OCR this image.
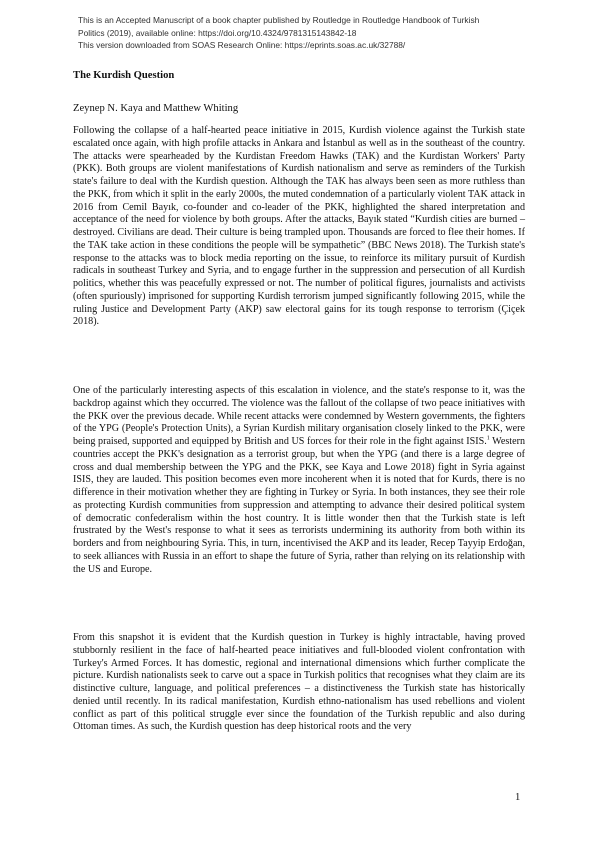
This is an Accepted Manuscript of a book chapter published by Routledge in Routledge Handbook of Turkish
Politics (2019), available online: https://doi.org/10.4324/9781315143842-18
This version downloaded from SOAS Research Online: https://eprints.soas.ac.uk/32788/
The Kurdish Question
Zeynep N. Kaya and Matthew Whiting
Following the collapse of a half-hearted peace initiative in 2015, Kurdish violence against the Turkish state escalated once again, with high profile attacks in Ankara and İstanbul as well as in the southeast of the country. The attacks were spearheaded by the Kurdistan Freedom Hawks (TAK) and the Kurdistan Workers' Party (PKK). Both groups are violent manifestations of Kurdish nationalism and serve as reminders of the Turkish state's failure to deal with the Kurdish question. Although the TAK has always been seen as more ruthless than the PKK, from which it split in the early 2000s, the muted condemnation of a particularly violent TAK attack in 2016 from Cemil Bayık, co-founder and co-leader of the PKK, highlighted the shared interpretation and acceptance of the need for violence by both groups. After the attacks, Bayık stated “Kurdish cities are burned – destroyed. Civilians are dead. Their culture is being trampled upon. Thousands are forced to flee their homes. If the TAK take action in these conditions the people will be sympathetic” (BBC News 2018). The Turkish state's response to the attacks was to block media reporting on the issue, to reinforce its military pursuit of Kurdish radicals in southeast Turkey and Syria, and to engage further in the suppression and persecution of all Kurdish politics, whether this was peacefully expressed or not. The number of political figures, journalists and activists (often spuriously) imprisoned for supporting Kurdish terrorism jumped significantly following 2015, while the ruling Justice and Development Party (AKP) saw electoral gains for its tough response to terrorism (Çiçek 2018).
One of the particularly interesting aspects of this escalation in violence, and the state's response to it, was the backdrop against which they occurred. The violence was the fallout of the collapse of two peace initiatives with the PKK over the previous decade. While recent attacks were condemned by Western governments, the fighters of the YPG (People's Protection Units), a Syrian Kurdish military organisation closely linked to the PKK, were being praised, supported and equipped by British and US forces for their role in the fight against ISIS.$^1$ Western countries accept the PKK's designation as a terrorist group, but when the YPG (and there is a large degree of cross and dual membership between the YPG and the PKK, see Kaya and Lowe 2018) fight in Syria against ISIS, they are lauded. This position becomes even more incoherent when it is noted that for Kurds, there is no difference in their motivation whether they are fighting in Turkey or Syria. In both instances, they see their role as protecting Kurdish communities from suppression and attempting to advance their desired political system of democratic confederalism within the host country. It is little wonder then that the Turkish state is left frustrated by the West's response to what it sees as terrorists undermining its authority from both within its borders and from neighbouring Syria. This, in turn, incentivised the AKP and its leader, Recep Tayyip Erdoğan, to seek alliances with Russia in an effort to shape the future of Syria, rather than relying on its relationship with the US and Europe.
From this snapshot it is evident that the Kurdish question in Turkey is highly intractable, having proved stubbornly resilient in the face of half-hearted peace initiatives and full-blooded violent confrontation with Turkey's Armed Forces. It has domestic, regional and international dimensions which further complicate the picture. Kurdish nationalists seek to carve out a space in Turkish politics that recognises what they claim are its distinctive culture, language, and political preferences – a distinctiveness the Turkish state has historically denied until recently. In its radical manifestation, Kurdish ethno-nationalism has used rebellions and violent conflict as part of this political struggle ever since the foundation of the Turkish republic and also during Ottoman times. As such, the Kurdish question has deep historical roots and the very
1
